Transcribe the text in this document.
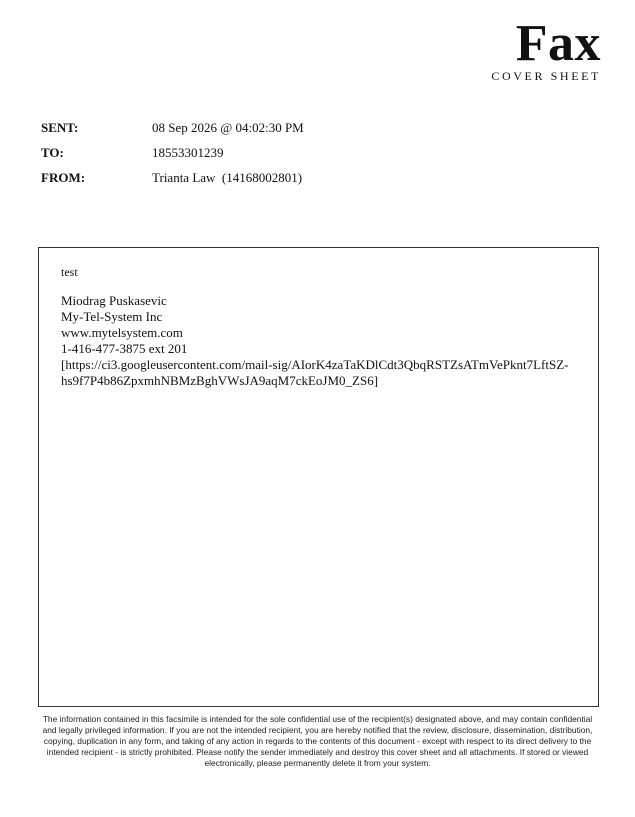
Fax
COVER SHEET
SENT:	08 Sep 2026 @ 04:02:30 PM
TO:	18553301239
FROM:	Trianta Law  (14168002801)
test
Miodrag Puskasevic
My-Tel-System Inc
www.mytelsystem.com
1-416-477-3875 ext 201
[https://ci3.googleusercontent.com/mail-sig/AIorK4zaTaKDlCdt3QbqRSTZsATmVePknt7LftSZ-
hs9f7P4b86ZpxmhNBMzBghVWsJA9aqM7ckEoJM0_ZS6]
The information contained in this facsimile is intended for the sole confidential use of the recipient(s) designated above, and may contain confidential and legally privileged information. If you are not the intended recipient, you are hereby notified that the review, disclosure, dissemination, distribution, copying, duplication in any form, and taking of any action in regards to the contents of this document - except with respect to its direct delivery to the intended recipient - is strictly prohibited. Please notify the sender immediately and destroy this cover sheet and all attachments. If stored or viewed electronically, please permanently delete it from your system.
